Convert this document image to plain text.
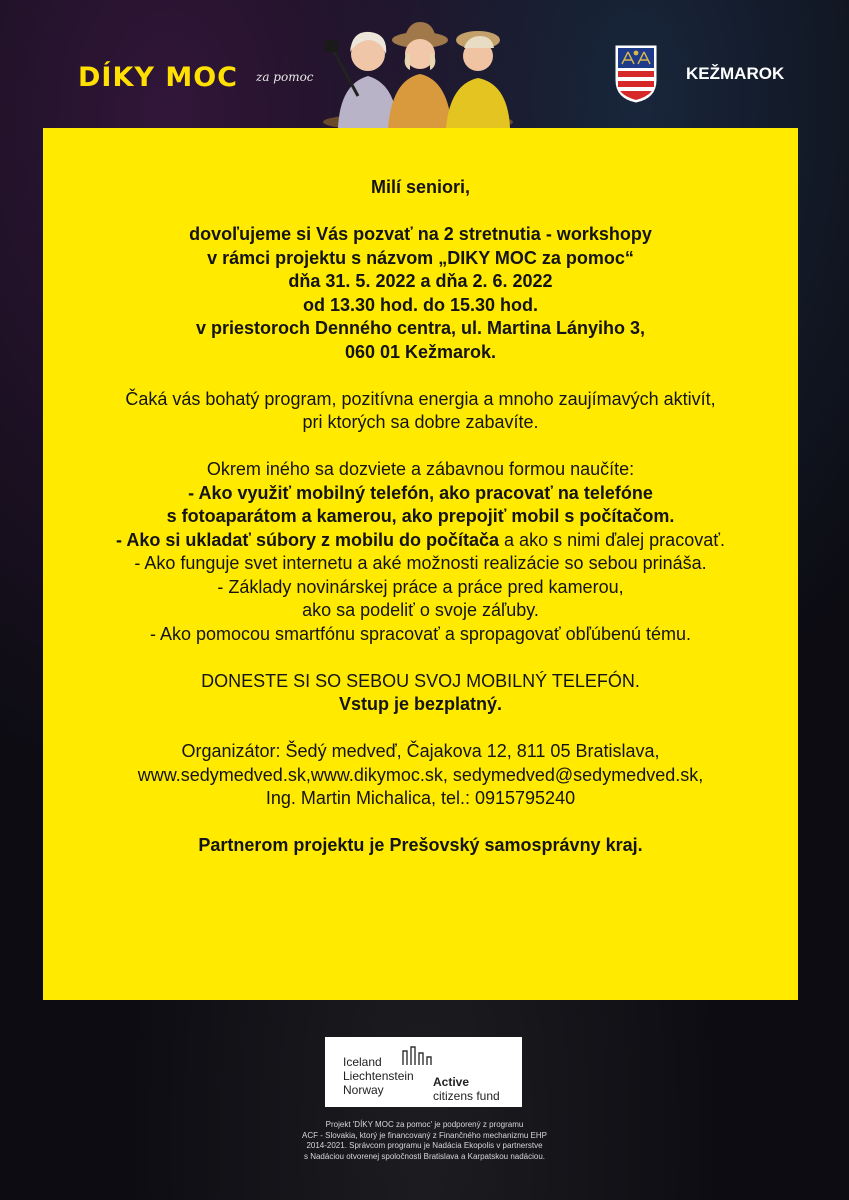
DÍKY MOC za pomoc	KEŽMAROK

Milí seniori,

dovoľujeme si Vás pozvať na 2 stretnutia - workshopy

v rámci projektu s názvom „DIKY MOC za pomoc“

dňa 31. 5. 2022 a dňa 2. 6. 2022

od 13.30 hod. do 15.30 hod.

v priestoroch Denného centra, ul. Martina Lányiho 3,

060 01 Kežmarok.

Čaká vás bohatý program, pozitívna energia a mnoho zaujímavých aktivít,

pri ktorých sa dobre zabavíte.

Okrem iného sa dozviete a zábavnou formou naučíte:

- Ako využiť mobilný telefón, ako pracovať na telefóne

s fotoaparátom a kamerou, ako prepojiť mobil s počítačom.

- Ako si ukladať súbory z mobilu do počítača a ako s nimi ďalej pracovať.

- Ako funguje svet internetu a aké možnosti realizácie so sebou prináša.

- Základy novinárskej práce a práce pred kamerou,

ako sa podeliť o svoje záľuby.

- Ako pomocou smartfónu spracovať a spropagovať obľúbenú tému.

DONESTE SI SO SEBOU SVOJ MOBILNÝ TELEFÓN.

Vstup je bezplatný.

Organizátor: Šedý medveď, Čajakova 12, 811 05 Bratislava,

www.sedymedved.sk,www.dikymoc.sk, sedymedved@sedymedved.sk,

Ing. Martin Michalica, tel.: 0915795240

Partnerom projektu je Prešovský samosprávny kraj.

Iceland
Liechtenstein
Norway
Active
citizens fund
Projekt 'DÍKY MOC za pomoc' je podporený z programu
ACF - Slovakia, ktorý je financovaný z Finančného mechanizmu EHP
2014-2021. Správcom programu je Nadácia Ekopolis v partnerstve
s Nadáciou otvorenej spoločnosti Bratislava a Karpatskou nadáciou.
